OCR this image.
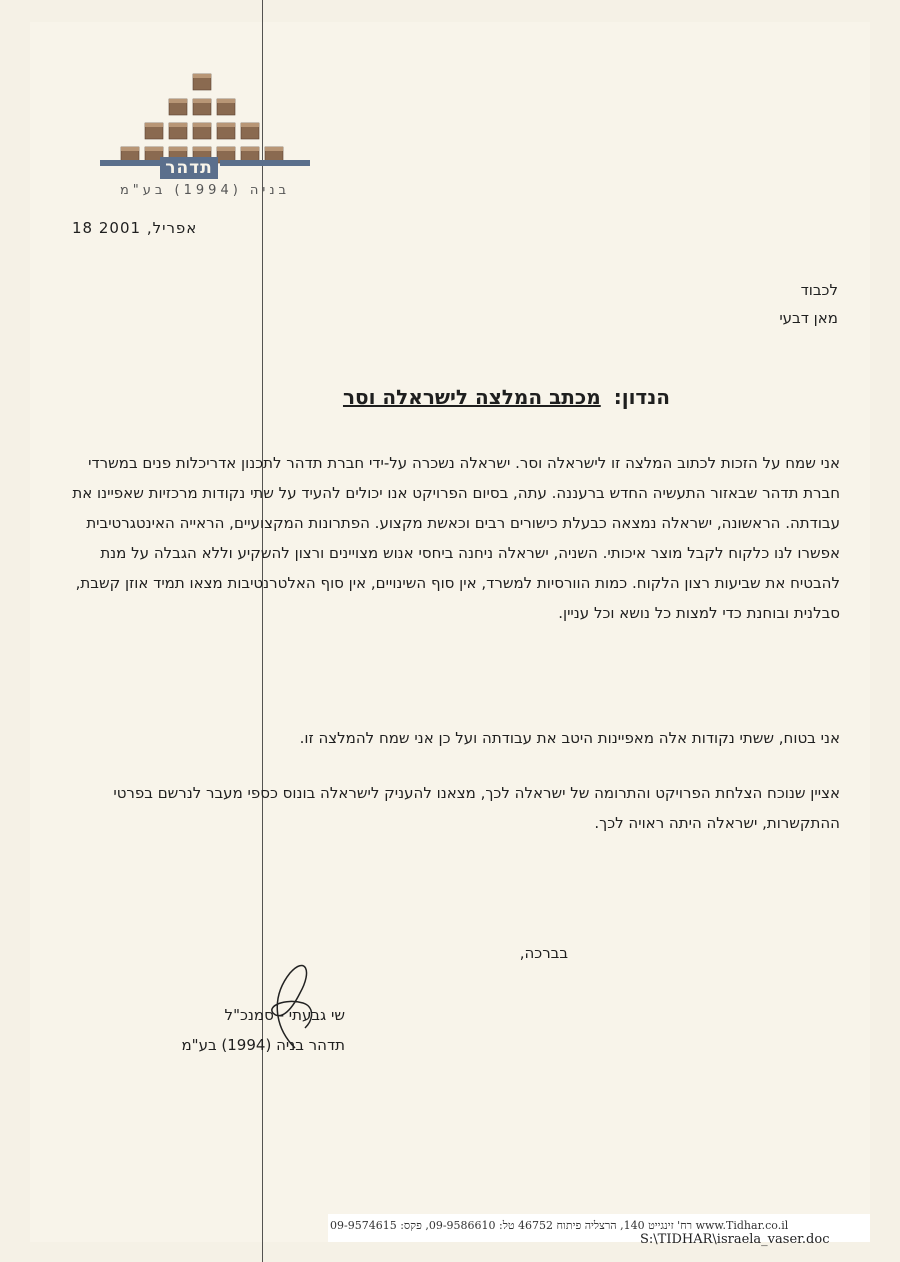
תדהר
בניה (1994) בע"מ
18 אפריל, 2001
לכבוד
מאן דבעי
הנדון: מכתב המלצה לישראלה וסר
אני שמח על הזכות לכתוב המלצה זו לישראלה וסר. ישראלה נשכרה על-ידי חברת תדהר לתכנון אדריכלות פנים במשרדי חברת תדהר שבאזור התעשיה החדש ברעננה. עתה, בסיום הפרויקט אנו יכולים להעיד על שתי נקודות מרכזיות שאפיינו את עבודתה. הראשונה, ישראלה נמצאה כבעלת כישורים רבים וכאשת מקצוע. הפתרונות המקצועיים, הראייה האינטגרטיבית אפשרו לנו כלקוח לקבל מוצר איכותי. השניה, ישראלה ניחנה ביחסי אנוש מצויינים ורצון להשקיע וללא הגבלה על מנת להבטיח את שביעות רצון הלקוח. כמות הוורסיות למשרד, אין סוף השינויים, אין סוף האלטרנטיבות מצאו תמיד אוזן קשבת, סבלנית ובוחנת כדי למצות כל נושא וכל עניין.
אני בטוח, ששתי נקודות אלה מאפיינות היטב את עבודתה ועל כן אני שמח להמלצה זו.
אציין שנוכח הצלחת הפרויקט והתרומה של ישראלה לכך, מצאנו להעניק לישראלה בונוס כספי מעבר לנרשם בפרטי ההתקשרות, ישראלה היתה ראויה לכך.
בברכה,
שי גבעתי - סמנכ"ל
תדהר בניה (1994) בע"מ
רח' זינגייט 140, הרצליה פיתוח 46752 טל: 09-9586610, פקס: 09-9574615 www.Tidhar.co.il
S:\TIDHAR\israela_vaser.doc
